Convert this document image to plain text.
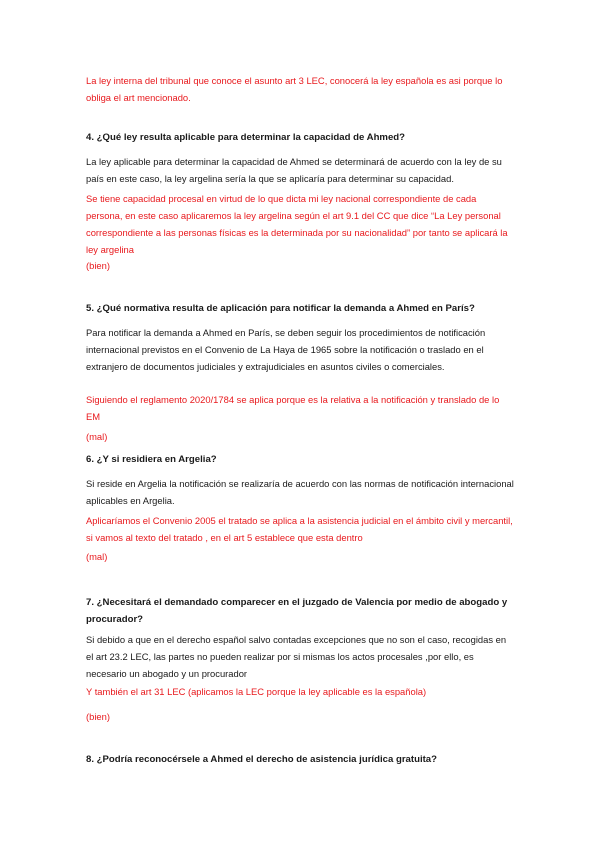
La ley interna del tribunal que conoce el asunto art 3 LEC, conocerá la ley española es asi porque lo obliga el art mencionado.

4. ¿Qué ley resulta aplicable para determinar la capacidad de Ahmed?

La ley aplicable para determinar la capacidad de Ahmed se determinará de acuerdo con la ley de su país en este caso, la ley argelina sería la que se aplicaría para determinar su capacidad.

Se tiene capacidad procesal en virtud de lo que dicta mi ley nacional correspondiente de cada persona, en este caso aplicaremos la ley argelina según el art 9.1 del CC que dice “La Ley personal correspondiente a las personas físicas es la determinada por su nacionalidad” por tanto se aplicará la ley argelina

(bien)

5. ¿Qué normativa resulta de aplicación para notificar la demanda a Ahmed en París?

Para notificar la demanda a Ahmed en París, se deben seguir los procedimientos de notificación internacional previstos en el Convenio de La Haya de 1965 sobre la notificación o traslado en el extranjero de documentos judiciales y extrajudiciales en asuntos civiles o comerciales.

Siguiendo el reglamento 2020/1784 se aplica porque es la relativa a la notificación y translado de lo EM

(mal)

6. ¿Y si residiera en Argelia?

Si reside en Argelia la notificación se realizaría de acuerdo con las normas de notificación internacional aplicables en Argelia.

Aplicaríamos el Convenio 2005 el tratado se aplica a la asistencia judicial en el ámbito civil y mercantil, si vamos al texto del tratado , en el art 5 establece que esta dentro

(mal)

7. ¿Necesitará el demandado comparecer en el juzgado de Valencia por medio de abogado y procurador?

Si debido a que en el derecho español salvo contadas excepciones que no son el caso, recogidas en el art 23.2 LEC, las partes no pueden realizar por si mismas los actos procesales ,por ello, es necesario un abogado y un procurador

Y también el art 31 LEC (aplicamos la LEC porque la ley aplicable es la española)

(bien)

8. ¿Podría reconocérsele a Ahmed el derecho de asistencia jurídica gratuita?
